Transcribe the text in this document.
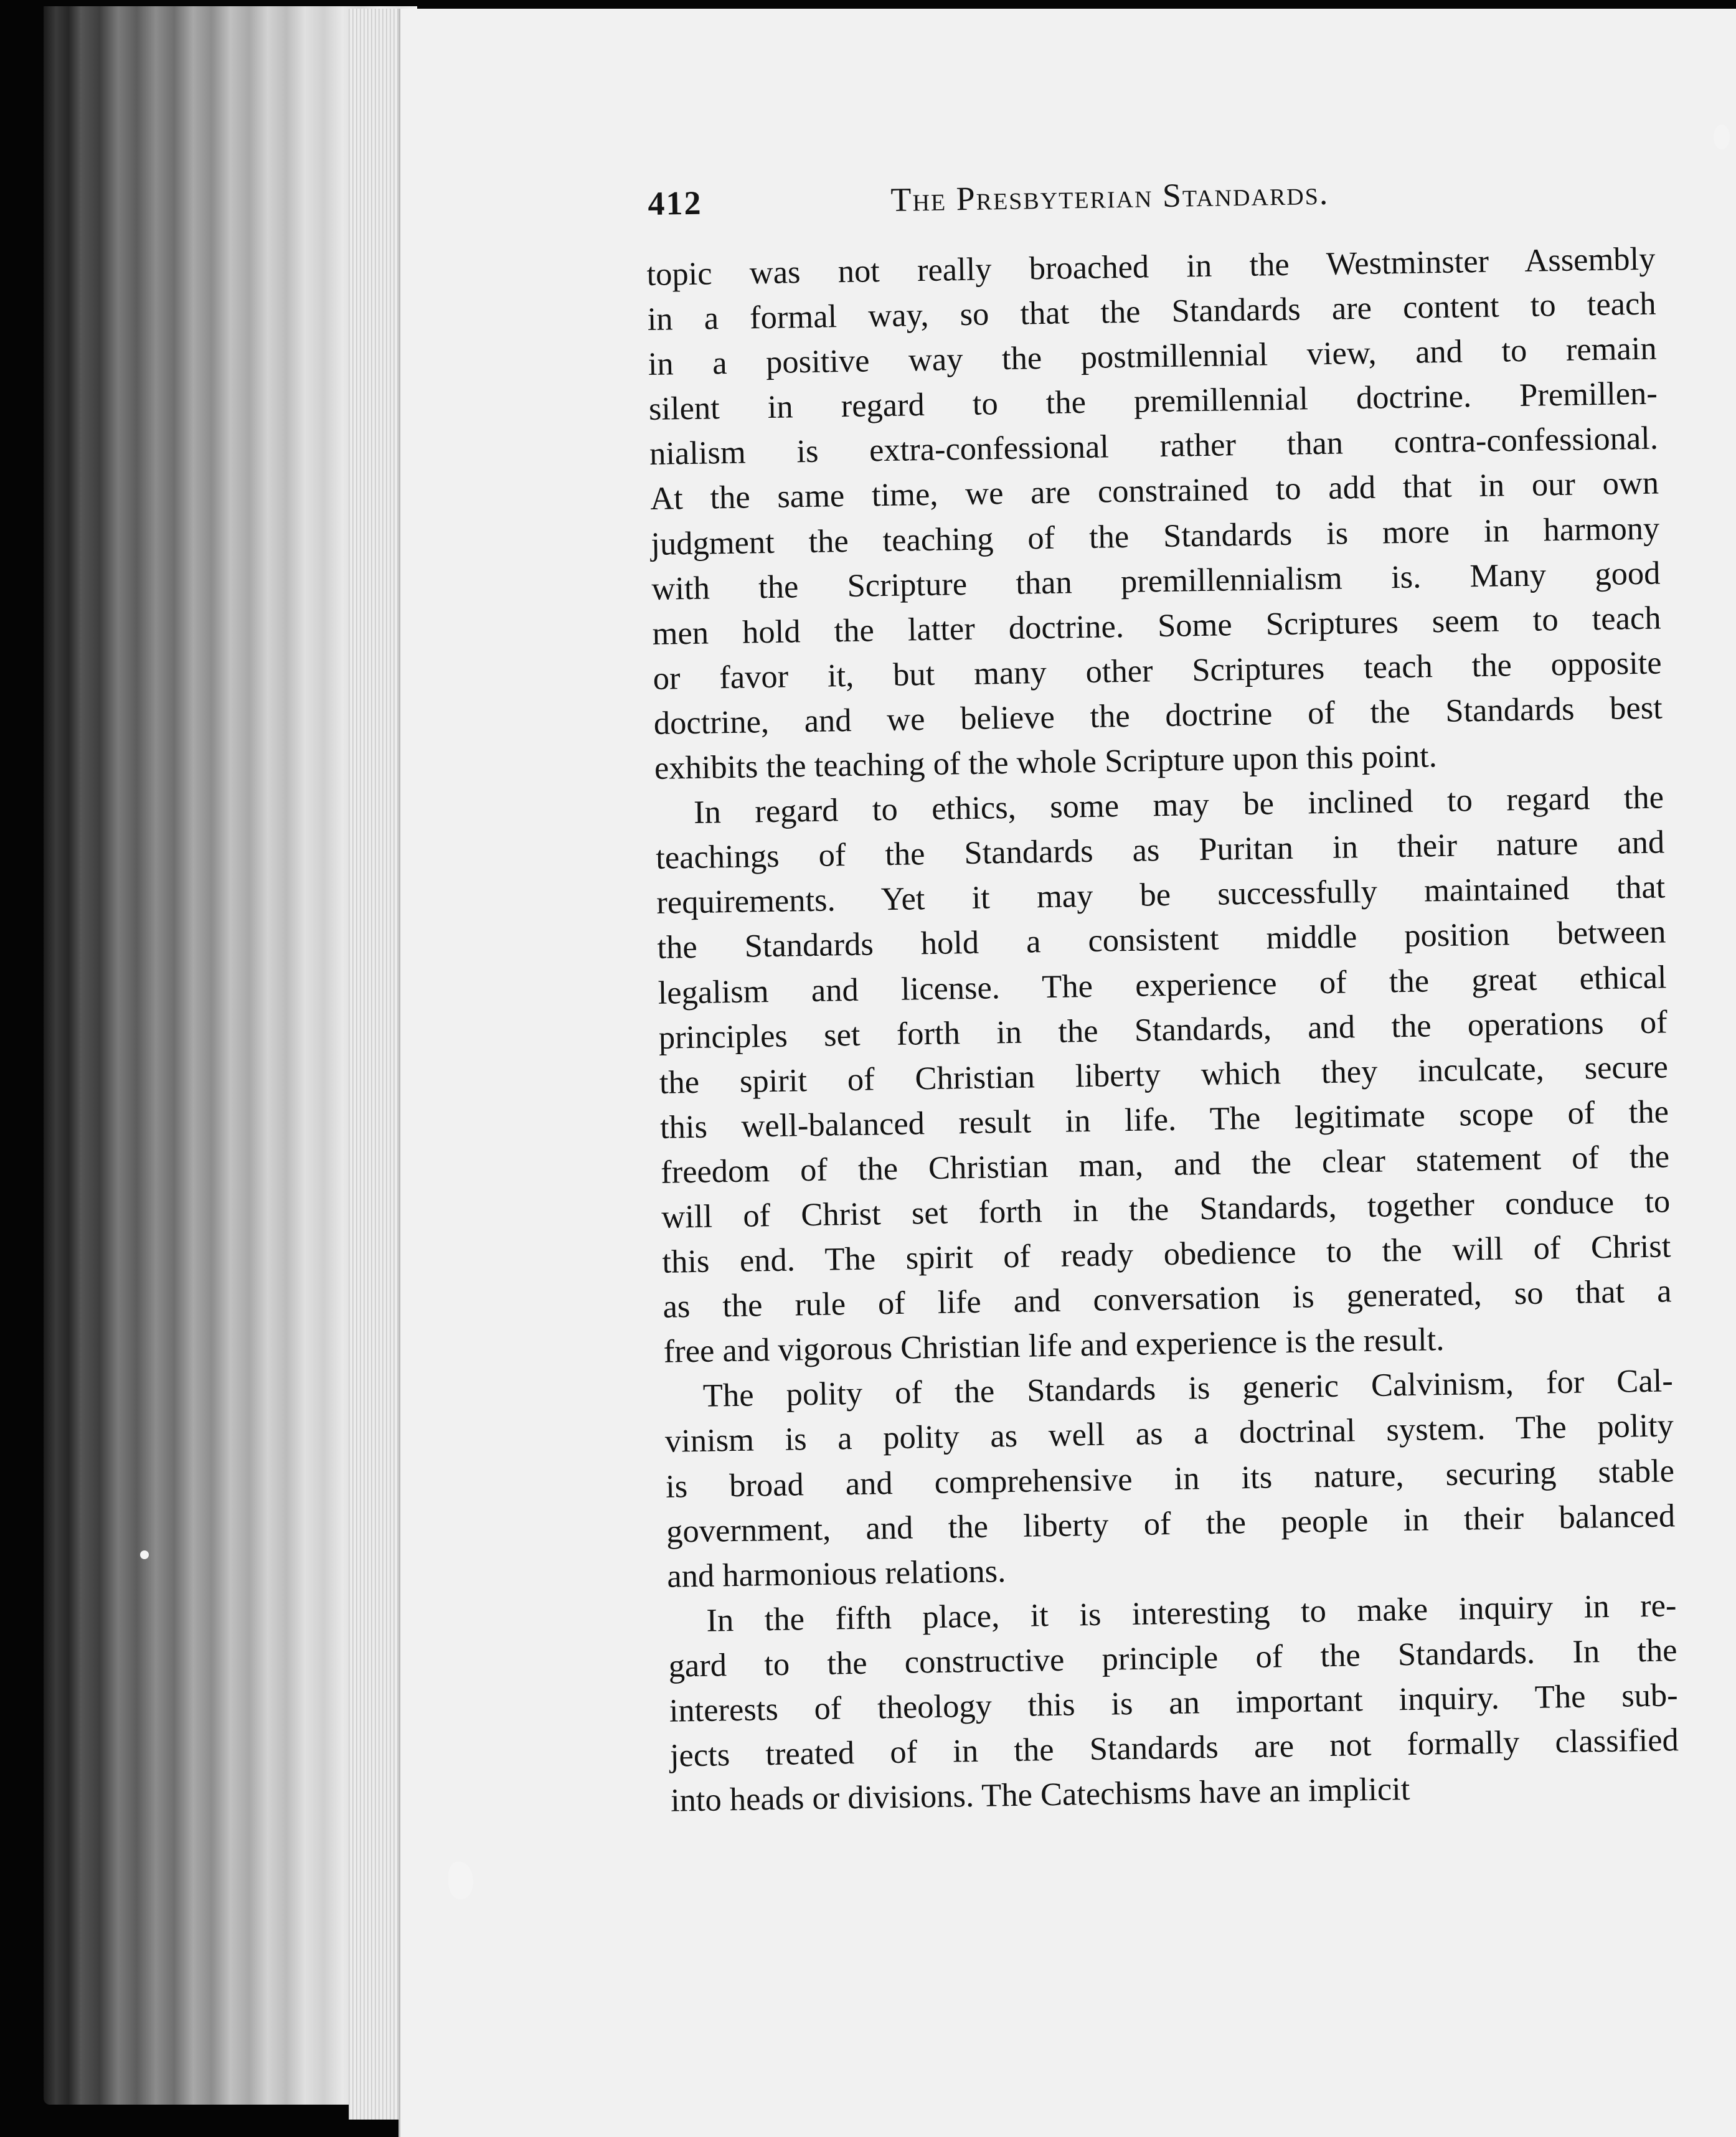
412	The Presbyterian Standards.
topic was not really broached in the Westminster Assembly
in a formal way, so that the Standards are content to teach
in a positive way the postmillennial view, and to remain
silent in regard to the premillennial doctrine. Premillen-
nialism is extra-confessional rather than contra-confessional.
At the same time, we are constrained to add that in our own
judgment the teaching of the Standards is more in harmony
with the Scripture than premillennialism is. Many good
men hold the latter doctrine. Some Scriptures seem to teach
or favor it, but many other Scriptures teach the opposite
doctrine, and we believe the doctrine of the Standards best
exhibits the teaching of the whole Scripture upon this point.
In regard to ethics, some may be inclined to regard the
teachings of the Standards as Puritan in their nature and
requirements. Yet it may be successfully maintained that
the Standards hold a consistent middle position between
legalism and license. The experience of the great ethical
principles set forth in the Standards, and the operations of
the spirit of Christian liberty which they inculcate, secure
this well-balanced result in life. The legitimate scope of the
freedom of the Christian man, and the clear statement of the
will of Christ set forth in the Standards, together conduce to
this end. The spirit of ready obedience to the will of Christ
as the rule of life and conversation is generated, so that a
free and vigorous Christian life and experience is the result.
The polity of the Standards is generic Calvinism, for Cal-
vinism is a polity as well as a doctrinal system. The polity
is broad and comprehensive in its nature, securing stable
government, and the liberty of the people in their balanced
and harmonious relations.
In the fifth place, it is interesting to make inquiry in re-
gard to the constructive principle of the Standards. In the
interests of theology this is an important inquiry. The sub-
jects treated of in the Standards are not formally classified
into heads or divisions. The Catechisms have an implicit
